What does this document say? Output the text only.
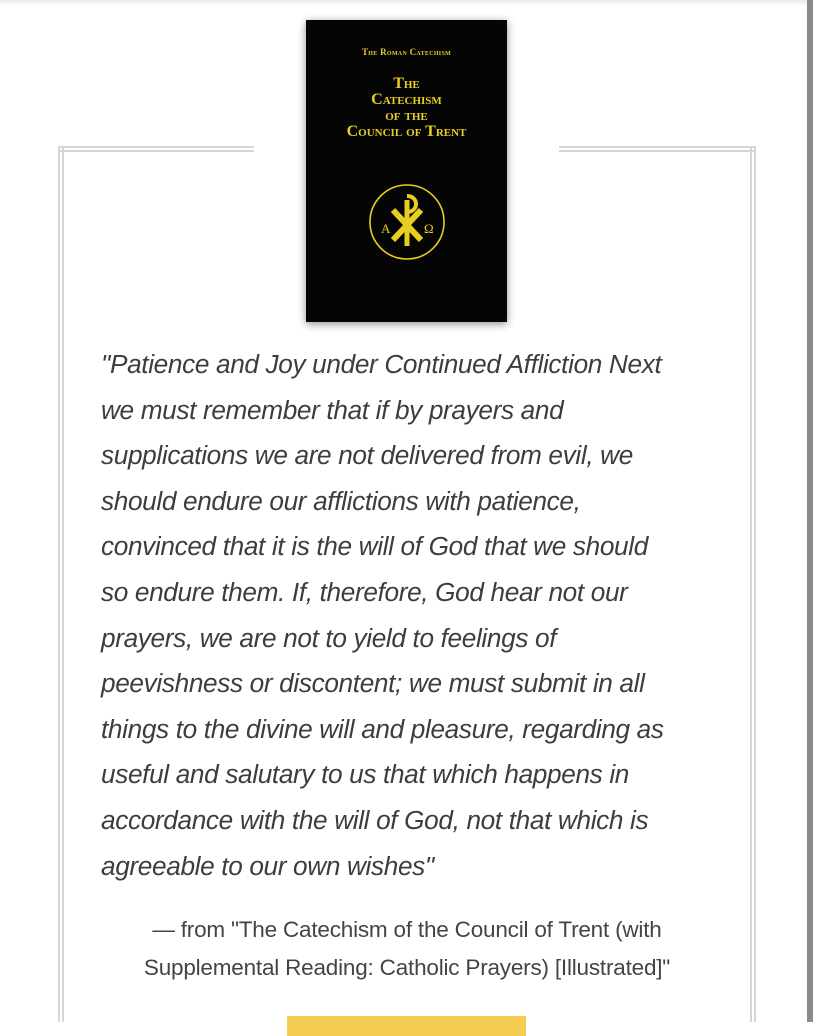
The Roman Catechism
The
Catechism
of the
Council of Trent
A	Ω

"Patience and Joy under Continued Affliction Next
we must remember that if by prayers and
supplications we are not delivered from evil, we
should endure our afflictions with patience,
convinced that it is the will of God that we should
so endure them. If, therefore, God hear not our
prayers, we are not to yield to feelings of
peevishness or discontent; we must submit in all
things to the divine will and pleasure, regarding as
useful and salutary to us that which happens in
accordance with the will of God, not that which is
agreeable to our own wishes"

— from "The Catechism of the Council of Trent (with
Supplemental Reading: Catholic Prayers) [Illustrated]"
